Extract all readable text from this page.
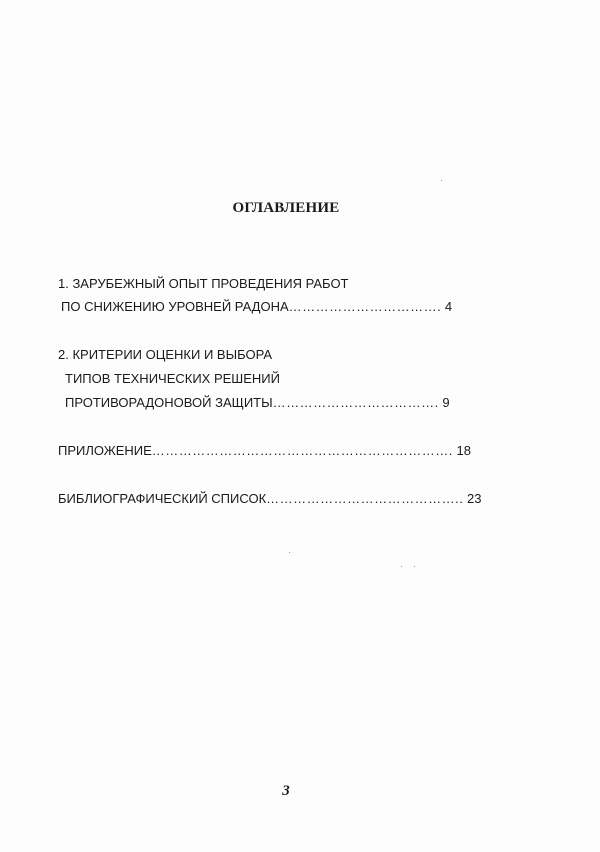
ОГЛАВЛЕНИЕ
1. ЗАРУБЕЖНЫЙ ОПЫТ ПРОВЕДЕНИЯ РАБОТ
ПО СНИЖЕНИЮ УРОВНЕЙ РАДОНА……………………………. 4
2. КРИТЕРИИ ОЦЕНКИ И ВЫБОРА
ТИПОВ ТЕХНИЧЕСКИХ РЕШЕНИЙ
ПРОТИВОРАДОНОВОЙ ЗАЩИТЫ………………………………. 9
ПРИЛОЖЕНИЕ…………………………………………………………. 18
БИБЛИОГРАФИЧЕСКИЙ СПИСОК…………………………………….. 23
3
